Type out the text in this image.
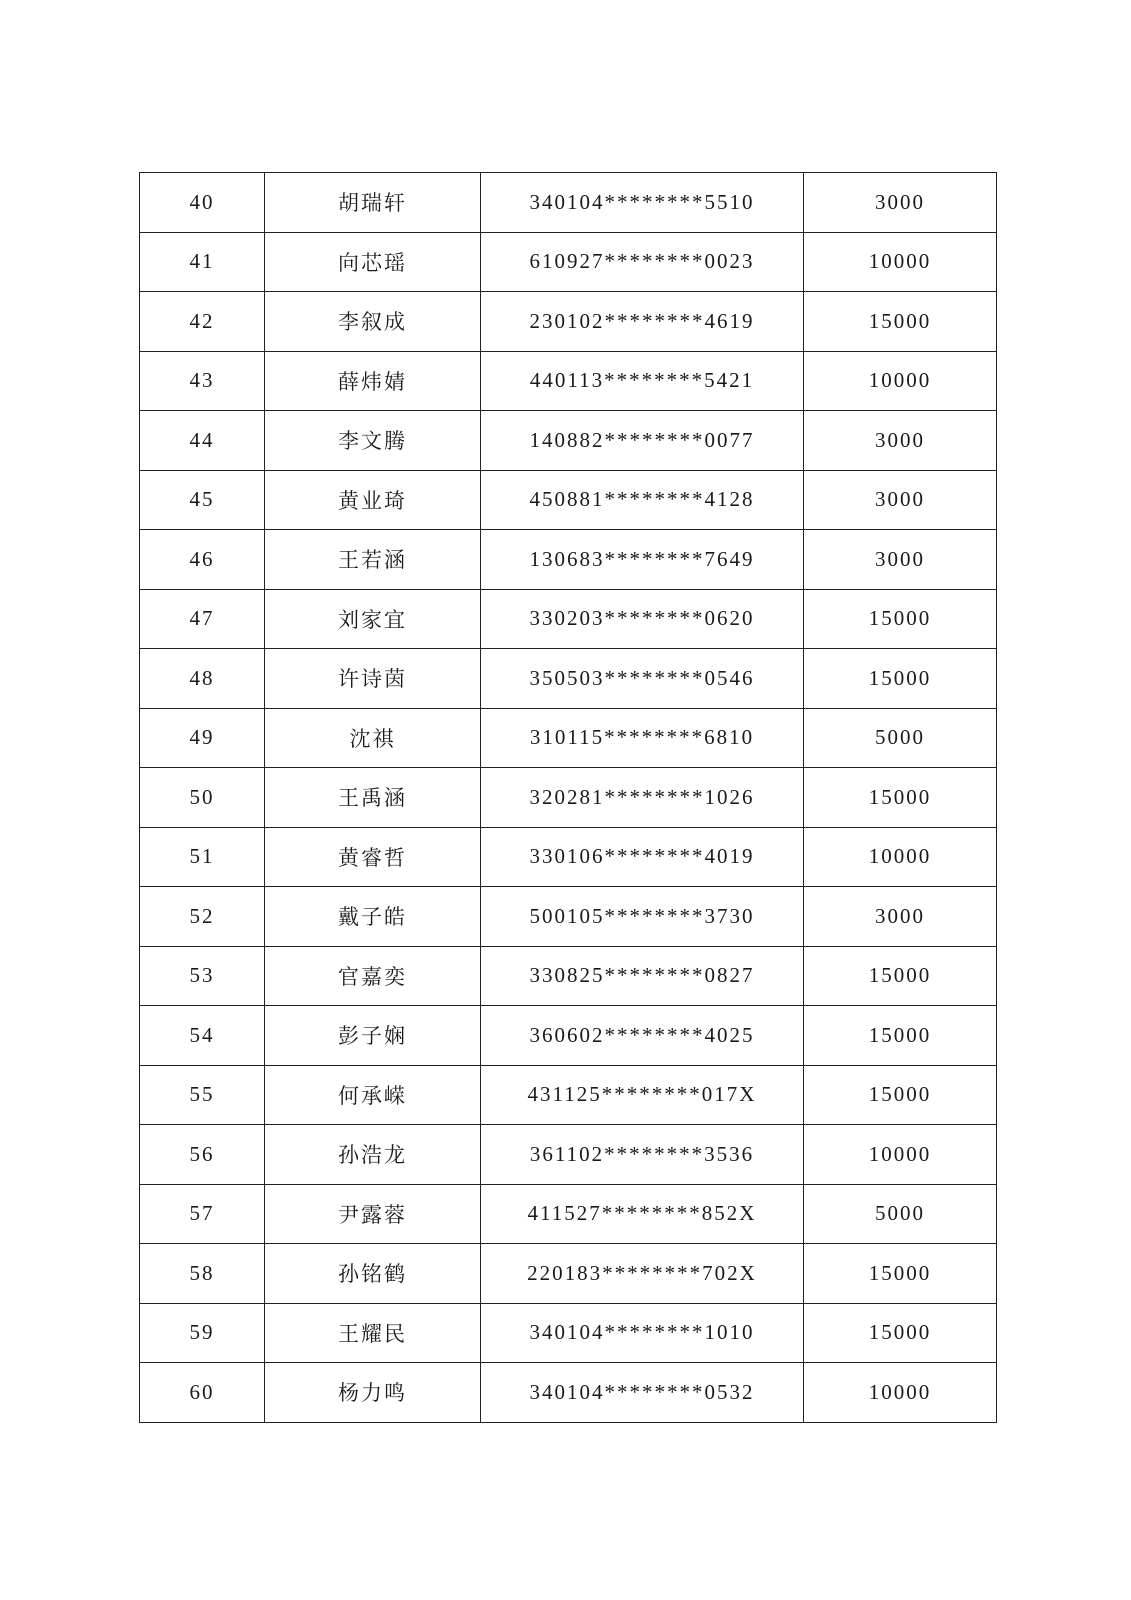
40	胡瑞轩	340104********5510	3000
41	向芯瑶	610927********0023	10000
42	李叙成	230102********4619	15000
43	薛炜婧	440113********5421	10000
44	李文腾	140882********0077	3000
45	黄业琦	450881********4128	3000
46	王若涵	130683********7649	3000
47	刘家宜	330203********0620	15000
48	许诗茵	350503********0546	15000
49	沈祺	310115********6810	5000
50	王禹涵	320281********1026	15000
51	黄睿哲	330106********4019	10000
52	戴子皓	500105********3730	3000
53	官嘉奕	330825********0827	15000
54	彭子娴	360602********4025	15000
55	何承嵘	431125********017X	15000
56	孙浩龙	361102********3536	10000
57	尹露蓉	411527********852X	5000
58	孙铭鹤	220183********702X	15000
59	王耀民	340104********1010	15000
60	杨力鸣	340104********0532	10000
